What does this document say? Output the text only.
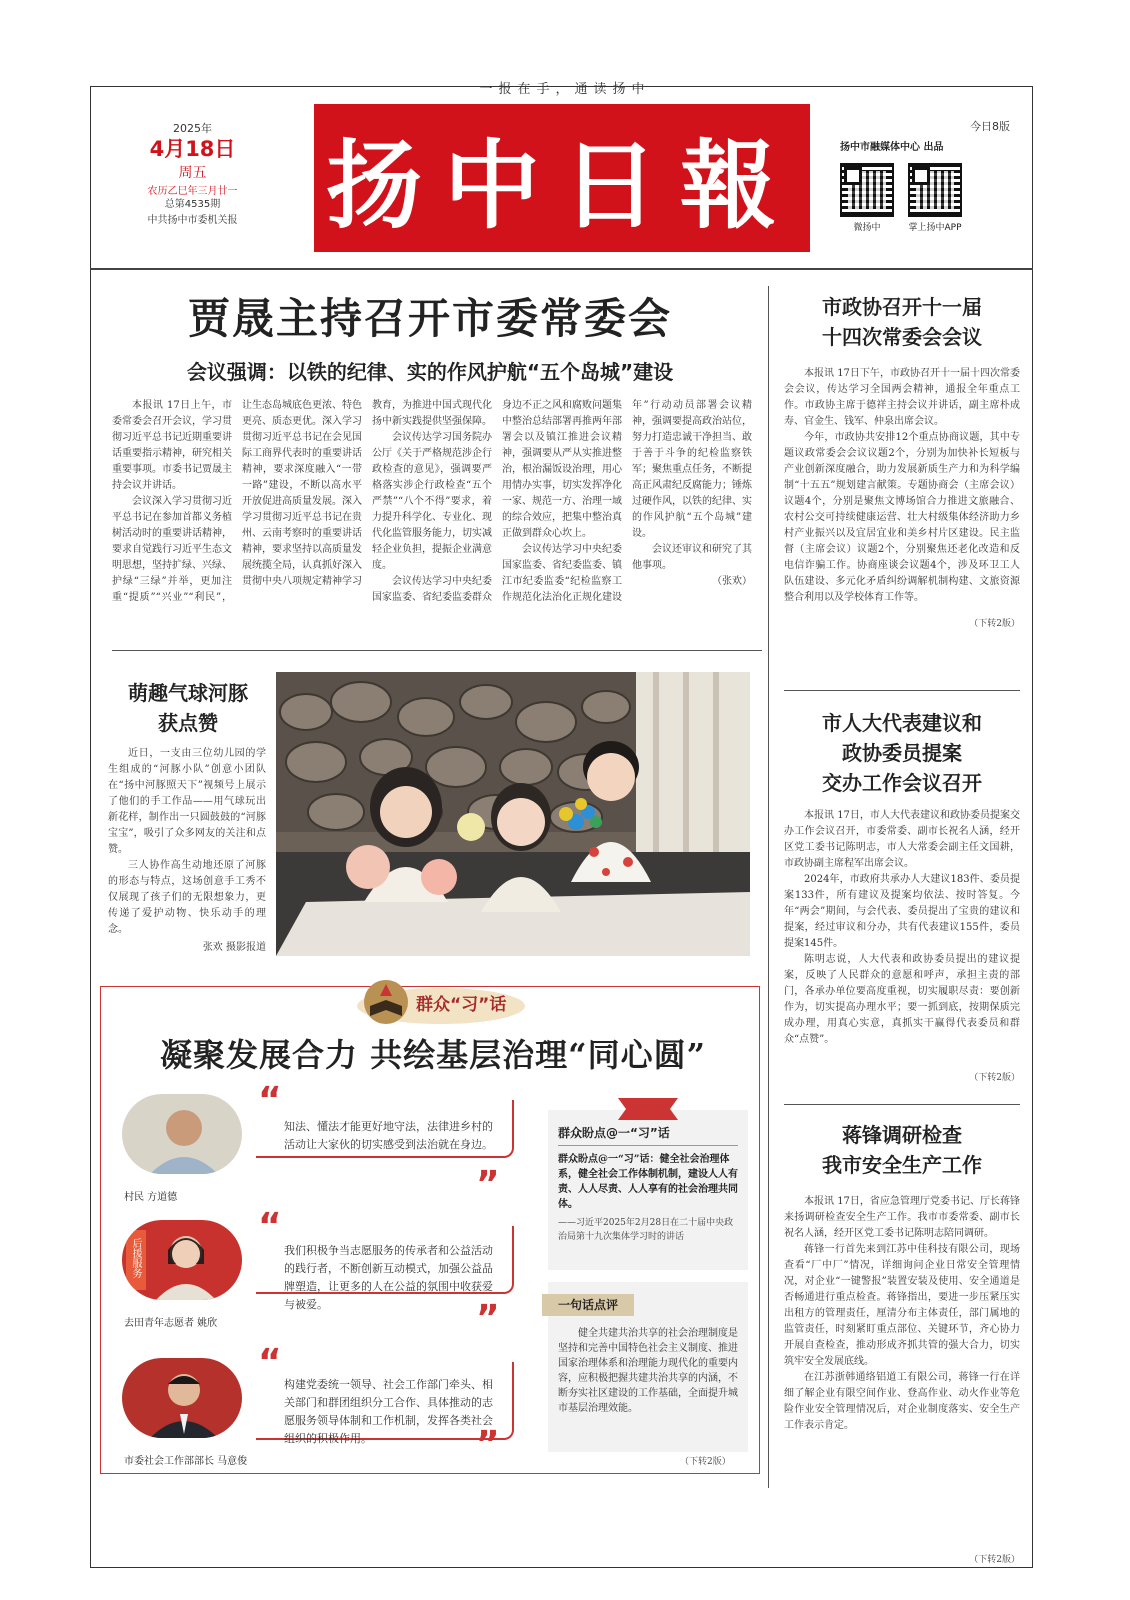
一报在手，通读扬中
2025年
4月18日
周五
农历乙巳年三月廿一
总第4535期
中共扬中市委机关报 扬中日報
今日8版
扬中市融媒体中心 出品
微扬中	掌上扬中APP
贾晟主持召开市委常委会
会议强调：以铁的纪律、实的作风护航“五个岛城”建设

本报讯 17日上午，市委常委会召开会议，学习贯彻习近平总书记近期重要讲话重要指示精神，研究相关重要事项。市委书记贾晟主持会议并讲话。

会议深入学习贯彻习近平总书记在参加首都义务植树活动时的重要讲话精神，要求自觉践行习近平生态文明思想，坚持扩绿、兴绿、护绿“三绿”并举，更加注重“提质”“兴业”“利民”，让生态岛城底色更浓、特色更亮、质态更优。深入学习贯彻习近平总书记在会见国际工商界代表时的重要讲话精神，要求深度融入“一带一路”建设，不断以高水平开放促进高质量发展。深入学习贯彻习近平总书记在贵州、云南考察时的重要讲话精神，要求坚持以高质量发展统揽全局，认真抓好深入贯彻中央八项规定精神学习教育，为推进中国式现代化扬中新实践提供坚强保障。

会议传达学习国务院办公厅《关于严格规范涉企行政检查的意见》，强调要严格落实涉企行政检查“五个严禁”“八个不得”要求，着力提升科学化、专业化、现代化监管服务能力，切实减轻企业负担，提振企业满意度。

会议传达学习中央纪委国家监委、省纪委监委群众身边不正之风和腐败问题集中整治总结部署再推两年部署会以及镇江推进会议精神，强调要从严从实推进整治，根治漏饭设治理，用心用情办实事，切实发挥净化一家、规范一方、治理一域的综合效应，把集中整治真正做到群众心坎上。

会议传达学习中央纪委国家监委、省纪委监委、镇江市纪委监委“纪检监察工作规范化法治化正规化建设年”行动动员部署会议精神，强调要提高政治站位，努力打造忠诚干净担当、敢于善于斗争的纪检监察铁军；聚焦重点任务，不断提高正风肃纪反腐能力；锤炼过硬作风，以铁的纪律、实的作风护航“五个岛城”建设。

会议还审议和研究了其他事项。

（张欢）
市政协召开十一届
十四次常委会会议

本报讯 17日下午，市政协召开十一届十四次常委会会议，传达学习全国两会精神，通报全年重点工作。市政协主席于德祥主持会议并讲话，副主席朴成寿、官金生、钱军、仲泉出席会议。

今年，市政协共安排12个重点协商议题，其中专题议政常委会会议议题2个，分别为加快补长短板与产业创新深度融合，助力发展新质生产力和为科学编制“十五五”规划建言献策。专题协商会（主席会议）议题4个，分别是聚焦文博场馆合力推进文旅融合、农村公交可持续健康运营、壮大村级集体经济助力乡村产业振兴以及宜居宜业和美乡村片区建设。民主监督（主席会议）议题2个，分别聚焦还老化改造和反电信诈骗工作。协商座谈会议题4个，涉及环卫工人队伍建设、多元化矛盾纠纷调解机制构建、文旅资源整合利用以及学校体育工作等。

（下转2版）
市人大代表建议和
政协委员提案
交办工作会议召开

本报讯 17日，市人大代表建议和政协委员提案交办工作会议召开，市委常委、副市长祝名人涵，经开区党工委书记陈明志，市人大常委会副主任文国耕，市政协副主席程军出席会议。

2024年，市政府共承办人大建议183件、委员提案133件，所有建议及提案均依法、按时答复。今年“两会”期间，与会代表、委员提出了宝贵的建议和提案，经过审议和分办，共有代表建议155件，委员提案145件。

陈明志说，人大代表和政协委员提出的建议提案，反映了人民群众的意愿和呼声，承担主责的部门，各承办单位要高度重视，切实履职尽责：要创新作为，切实提高办理水平；要一抓到底，按期保质完成办理，用真心实意，真抓实干赢得代表委员和群众“点赞”。

（下转2版）
蒋锋调研检查
我市安全生产工作

本报讯 17日，省应急管理厅党委书记、厅长蒋锋来扬调研检查安全生产工作。我市市委常委、副市长祝名人涵，经开区党工委书记陈明志陪同调研。

蒋锋一行首先来到江苏中佳科技有限公司，现场查看“厂中厂”情况，详细询问企业日常安全管理情况，对企业“一键警报”装置安装及使用、安全通道是否畅通进行重点检查。蒋锋指出，要进一步压紧压实出租方的管理责任，厘清分布主体责任，部门属地的监管责任，时刻紧盯重点部位、关键环节，齐心协力开展自查检查，推动形成齐抓共管的强大合力，切实筑牢安全发展底线。

在江苏浙韩通络铝道工有限公司，蒋锋一行在详细了解企业有限空间作业、登高作业、动火作业等危险作业安全管理情况后，对企业制度落实、安全生产工作表示肯定。

（下转2版）
萌趣气球河豚
获点赞

近日，一支由三位幼儿园的学生组成的“河豚小队”创意小团队在“扬中河豚照天下”视频号上展示了他们的手工作品——用气球玩出新花样，制作出一只圆鼓鼓的“河豚宝宝”，吸引了众多网友的关注和点赞。

三人协作高生动地还原了河豚的形态与特点，这场创意手工秀不仅展现了孩子们的无限想象力，更传递了爱护动物、快乐动手的理念。

张欢 摄影报道
群众“习”话
凝聚发展合力 共绘基层治理“同心圆”
村民 方道德
“
知法、懂法才能更好地守法，法律进乡村的活动让大家伙的切实感受到法治就在身边。
”
后援服务
去田青年志愿者 姚欣
“
我们积极争当志愿服务的传承者和公益活动的践行者，不断创新互动模式，加强公益品牌塑造，让更多的人在公益的氛围中收获爱与被爱。	”
市委社会工作部部长 马意俊
“
构建党委统一领导、社会工作部门牵头、相关部门和群团组织分工合作、具体推动的志愿服务领导体制和工作机制，发挥各类社会组织的积极作用。	”
群众盼点@一“习”话
群众盼点@一“习”话：健全社会治理体系，健全社会工作体制机制，建设人人有责、人人尽责、人人享有的社会治理共同体。
——习近平2025年2月28日在二十届中央政治局第十九次集体学习时的讲话
一句话点评
健全共建共治共享的社会治理制度是坚持和完善中国特色社会主义制度、推进国家治理体系和治理能力现代化的重要内容，应积极把握共建共治共享的内涵，不断夯实社区建设的工作基础，全面提升城市基层治理效能。
（下转2版）
